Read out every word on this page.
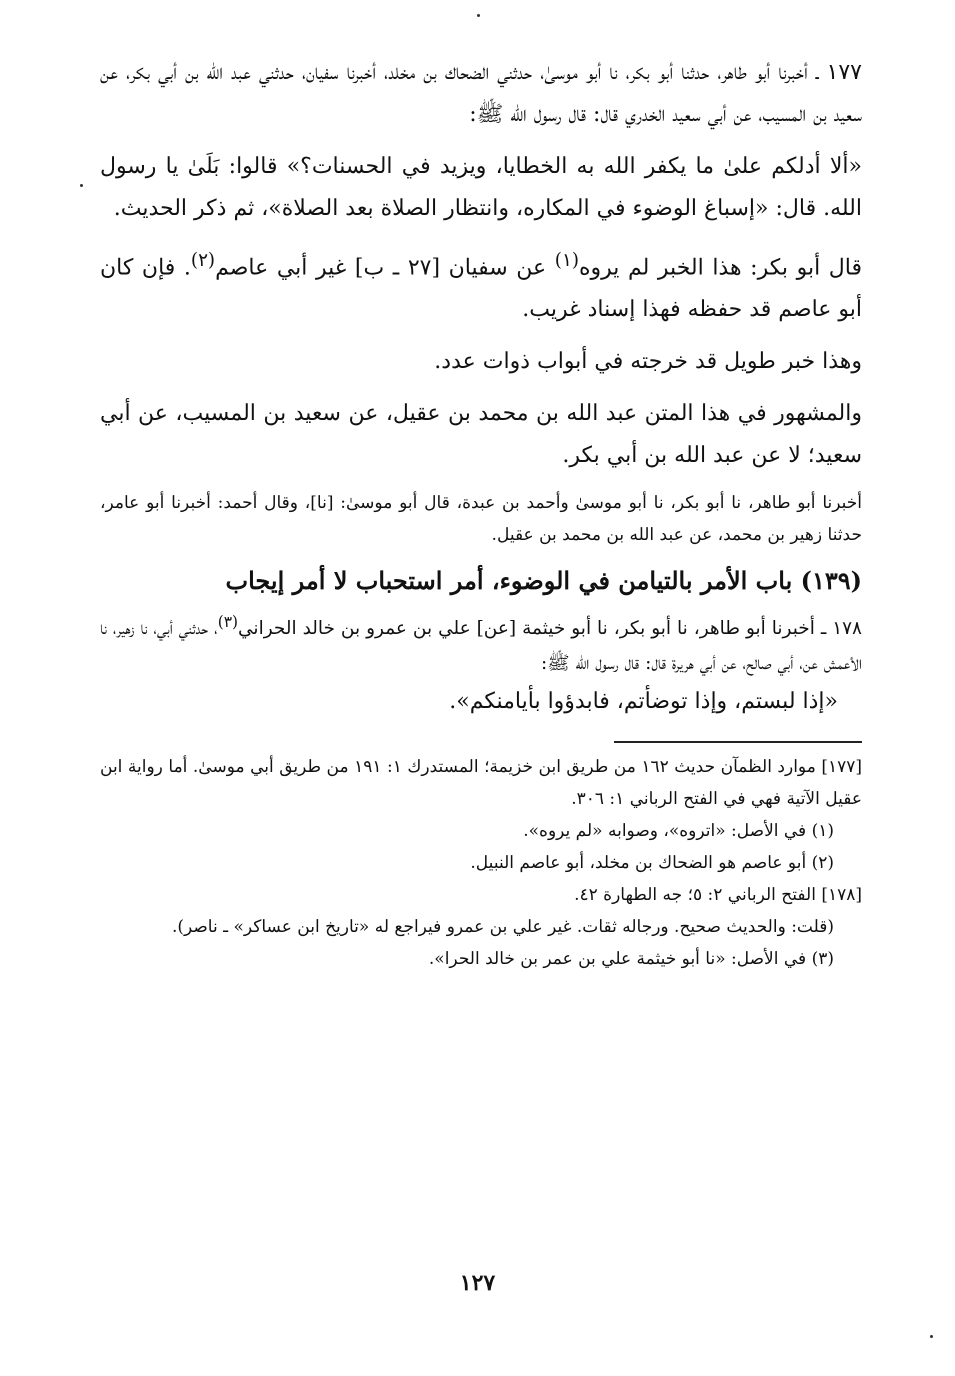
١٧٧ ـ أخبرنا أبو طاهر، حدثنا أبو بكر، نا أبو موسىٰ، حدثني الضحاك بن مخلد، أخبرنا سفيان، حدثني عبد الله بن أبي بكر، عن سعيد بن المسيب، عن أبي سعيد الخدري قال: قال رسول الله ﷺ:

«ألا أدلكم علىٰ ما يكفر الله به الخطايا، ويزيد في الحسنات؟» قالوا: بَلَىٰ يا رسول الله. قال: «إسباغ الوضوء في المكاره، وانتظار الصلاة بعد الصلاة»، ثم ذكر الحديث.

قال أبو بكر: هذا الخبر لم يروه$^{(١)}$ عن سفيان [٢٧ ـ ب] غير أبي عاصم$^{(٢)}$. فإن كان أبو عاصم قد حفظه فهذا إسناد غريب.

وهذا خبر طويل قد خرجته في أبواب ذوات عدد.

والمشهور في هذا المتن عبد الله بن محمد بن عقيل، عن سعيد بن المسيب، عن أبي سعيد؛ لا عن عبد الله بن أبي بكر.

أخبرنا أبو طاهر، نا أبو بكر، نا أبو موسىٰ وأحمد بن عبدة، قال أبو موسىٰ: [نا]، وقال أحمد: أخبرنا أبو عامر، حدثنا زهير بن محمد، عن عبد الله بن محمد بن عقيل.

(١٣٩) باب الأمر بالتيامن في الوضوء، أمر استحباب لا أمر إيجاب

١٧٨ ـ أخبرنا أبو طاهر، نا أبو بكر، نا أبو خيثمة [عن] علي بن عمرو بن خالد الحراني$^{(٣)}$، حدثني أبي، نا زهير، نا الأعمش عن، أبي صالح، عن أبي هريرة قال: قال رسول الله ﷺ:

«إذا لبستم، وإذا توضأتم، فابدؤوا بأيامنكم».

[١٧٧] موارد الظمآن حديث ١٦٢ من طريق ابن خزيمة؛ المستدرك ١: ١٩١ من طريق أبي موسىٰ. أما رواية ابن عقيل الآتية فهي في الفتح الرباني ١: ٣٠٦.

(١) في الأصل: «اتروه»، وصوابه «لم يروه».

(٢) أبو عاصم هو الضحاك بن مخلد، أبو عاصم النبيل.

[١٧٨] الفتح الرباني ٢: ٥؛ جه الطهارة ٤٢.

(قلت: والحديث صحيح. ورجاله ثقات. غير علي بن عمرو فيراجع له «تاريخ ابن عساكر» ـ ناصر).

(٣) في الأصل: «نا أبو خيثمة علي بن عمر بن خالد الحرا».

١٢٧
